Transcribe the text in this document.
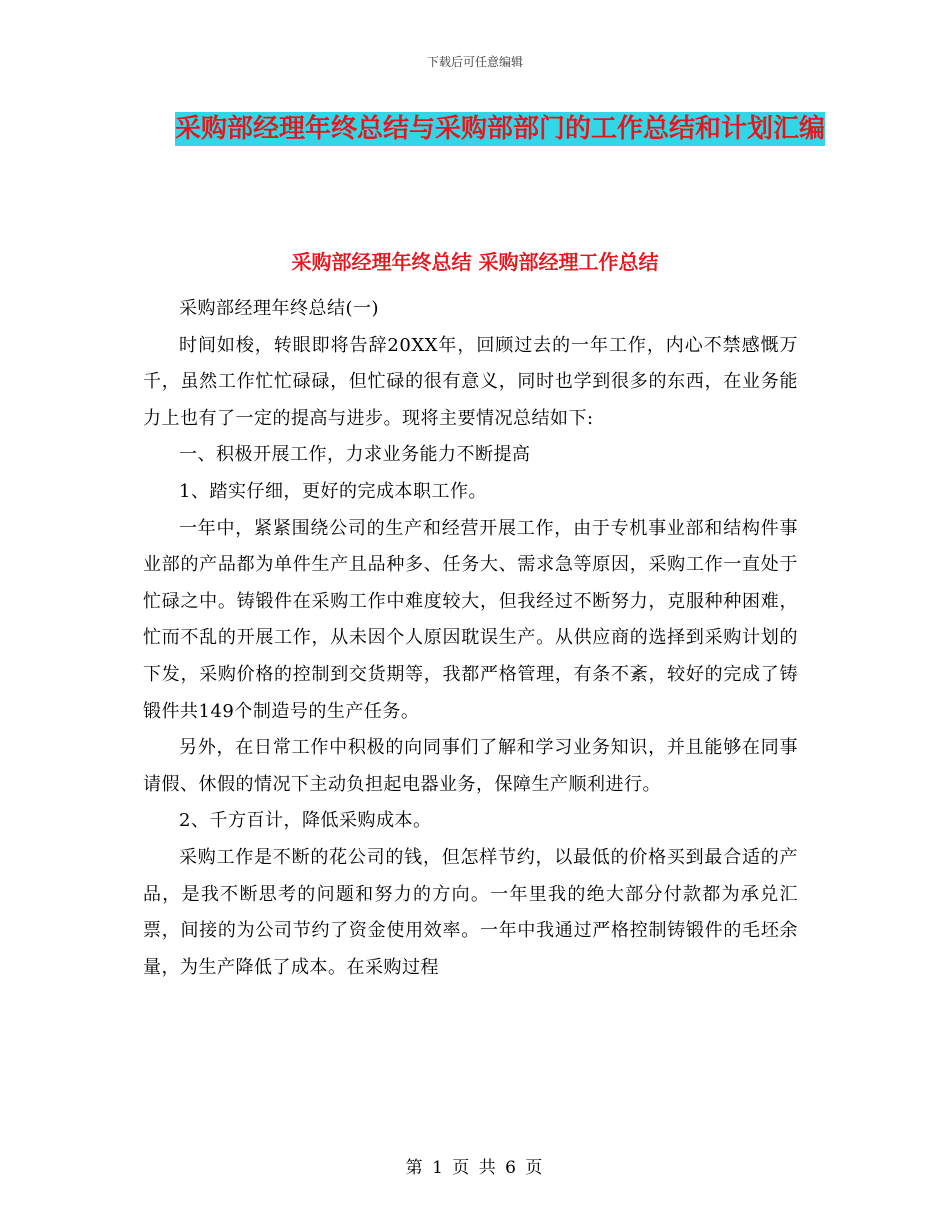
下载后可任意编辑
采购部经理年终总结与采购部部门的工作总结和计划汇编
采购部经理年终总结 采购部经理工作总结

采购部经理年终总结(一)

时间如梭，转眼即将告辞20XX年，回顾过去的一年工作，内心不禁感慨万千，虽然工作忙忙碌碌，但忙碌的很有意义，同时也学到很多的东西，在业务能力上也有了一定的提高与进步。现将主要情况总结如下:

一、积极开展工作，力求业务能力不断提高

1、踏实仔细，更好的完成本职工作。

一年中，紧紧围绕公司的生产和经营开展工作，由于专机事业部和结构件事业部的产品都为单件生产且品种多、任务大、需求急等原因，采购工作一直处于忙碌之中。铸锻件在采购工作中难度较大，但我经过不断努力，克服种种困难，忙而不乱的开展工作，从未因个人原因耽误生产。从供应商的选择到采购计划的下发，采购价格的控制到交货期等，我都严格管理，有条不紊，较好的完成了铸锻件共149个制造号的生产任务。

另外，在日常工作中积极的向同事们了解和学习业务知识，并且能够在同事请假、休假的情况下主动负担起电器业务，保障生产顺利进行。

2、千方百计，降低采购成本。

采购工作是不断的花公司的钱，但怎样节约，以最低的价格买到最合适的产品，是我不断思考的问题和努力的方向。一年里我的绝大部分付款都为承兑汇票，间接的为公司节约了资金使用效率。一年中我通过严格控制铸锻件的毛坯余量，为生产降低了成本。在采购过程

第 1 页 共 6 页
